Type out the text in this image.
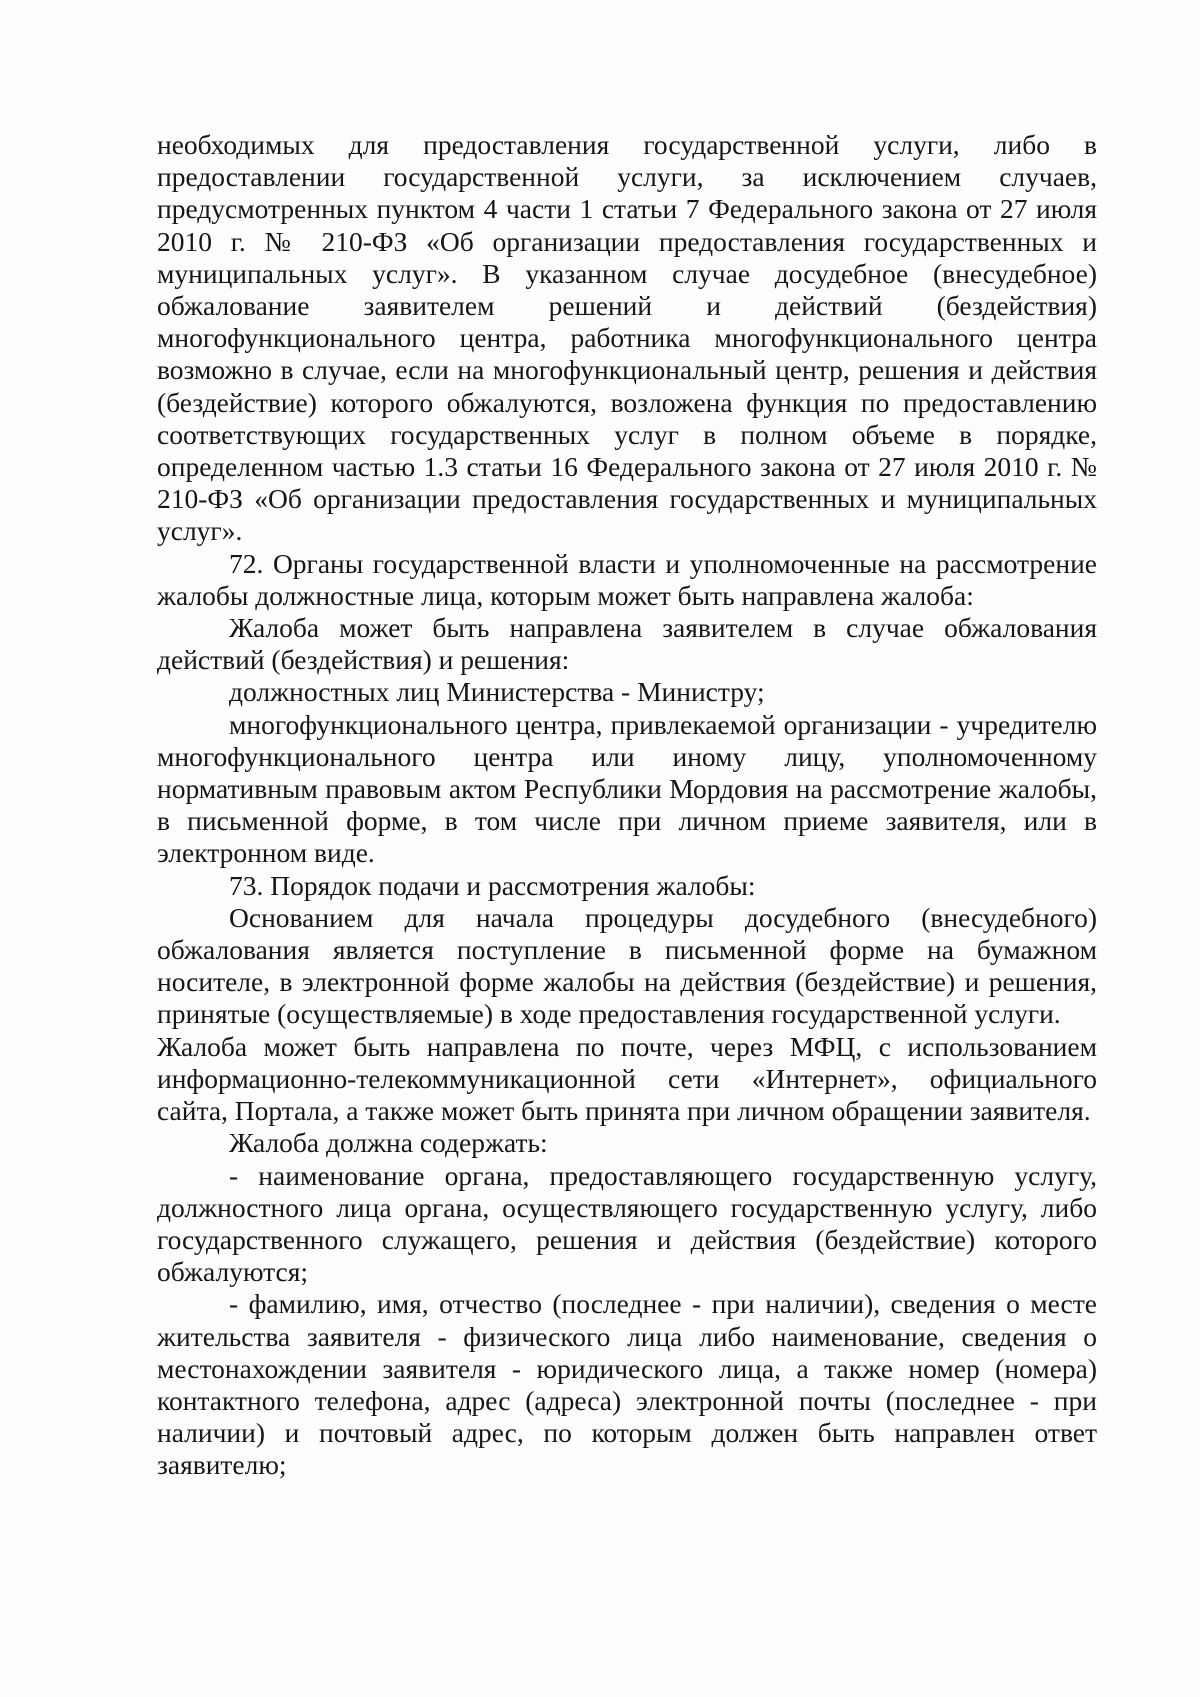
необходимых для предоставления государственной услуги, либо в предоставлении государственной услуги, за исключением случаев, предусмотренных пунктом 4 части 1 статьи 7 Федерального закона от 27 июля 2010 г. № 210-ФЗ «Об организации предоставления государственных и муниципальных услуг». В указанном случае досудебное (внесудебное) обжалование заявителем решений и действий (бездействия) многофункционального центра, работника многофункционального центра возможно в случае, если на многофункциональный центр, решения и действия (бездействие) которого обжалуются, возложена функция по предоставлению соответствующих государственных услуг в полном объеме в порядке, определенном частью 1.3 статьи 16 Федерального закона от 27 июля 2010 г. № 210-ФЗ «Об организации предоставления государственных и муниципальных услуг».

72. Органы государственной власти и уполномоченные на рассмотрение жалобы должностные лица, которым может быть направлена жалоба:

Жалоба может быть направлена заявителем в случае обжалования действий (бездействия) и решения:

должностных лиц Министерства - Министру;

многофункционального центра, привлекаемой организации - учредителю многофункционального центра или иному лицу, уполномоченному нормативным правовым актом Республики Мордовия на рассмотрение жалобы, в письменной форме, в том числе при личном приеме заявителя, или в электронном виде.

73. Порядок подачи и рассмотрения жалобы:

Основанием для начала процедуры досудебного (внесудебного) обжалования является поступление в письменной форме на бумажном носителе, в электронной форме жалобы на действия (бездействие) и решения, принятые (осуществляемые) в ходе предоставления государственной услуги.

Жалоба может быть направлена по почте, через МФЦ, с использованием информационно-телекоммуникационной сети «Интернет», официального сайта, Портала, а также может быть принята при личном обращении заявителя.

Жалоба должна содержать:

- наименование органа, предоставляющего государственную услугу, должностного лица органа, осуществляющего государственную услугу, либо государственного служащего, решения и действия (бездействие) которого обжалуются;

- фамилию, имя, отчество (последнее - при наличии), сведения о месте жительства заявителя - физического лица либо наименование, сведения о местонахождении заявителя - юридического лица, а также номер (номера) контактного телефона, адрес (адреса) электронной почты (последнее - при наличии) и почтовый адрес, по которым должен быть направлен ответ заявителю;
